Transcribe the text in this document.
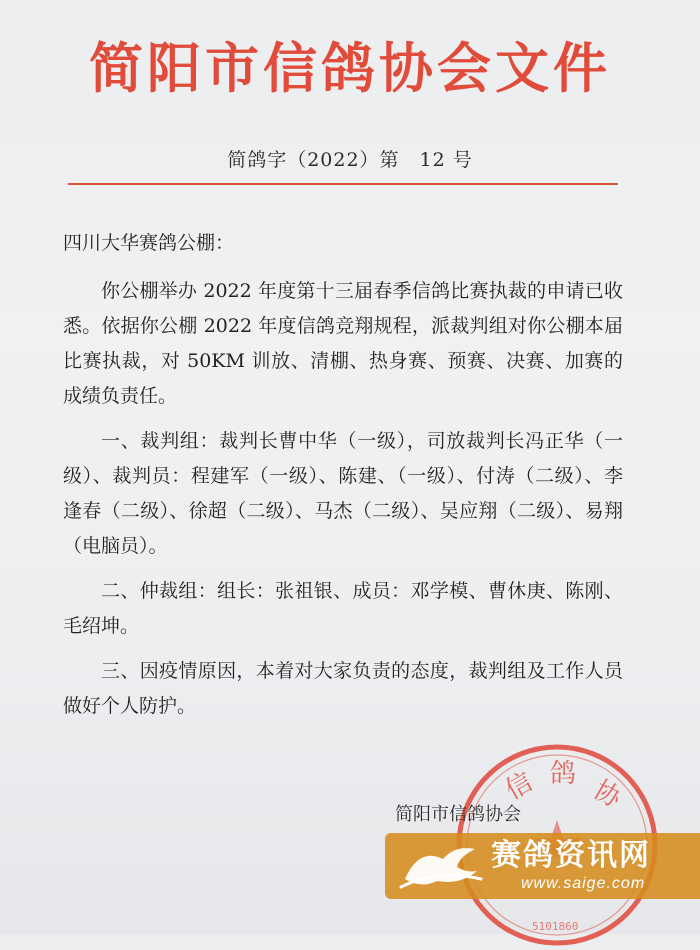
简阳市信鸽协会文件
简鸽字（2022）第　12 号

四川大华赛鸽公棚：

你公棚举办 2022 年度第十三届春季信鸽比赛执裁的申请已收悉。依据你公棚 2022 年度信鸽竞翔规程，派裁判组对你公棚本届比赛执裁，对 50KM 训放、清棚、热身赛、预赛、决赛、加赛的成绩负责任。

一、裁判组：裁判长曹中华（一级），司放裁判长冯正华（一级）、裁判员：程建军（一级）、陈建、（一级）、付涛（二级）、李逢春（二级）、徐超（二级）、马杰（二级）、吴应翔（二级）、易翔（电脑员）。

二、仲裁组：组长：张祖银、成员：邓学模、曹休庚、陈刚、毛绍坤。

三、因疫情原因，本着对大家负责的态度，裁判组及工作人员做好个人防护。

信 鸽
协
5101860
简阳市信鸽协会
赛鸽资讯网
www.saige.com
